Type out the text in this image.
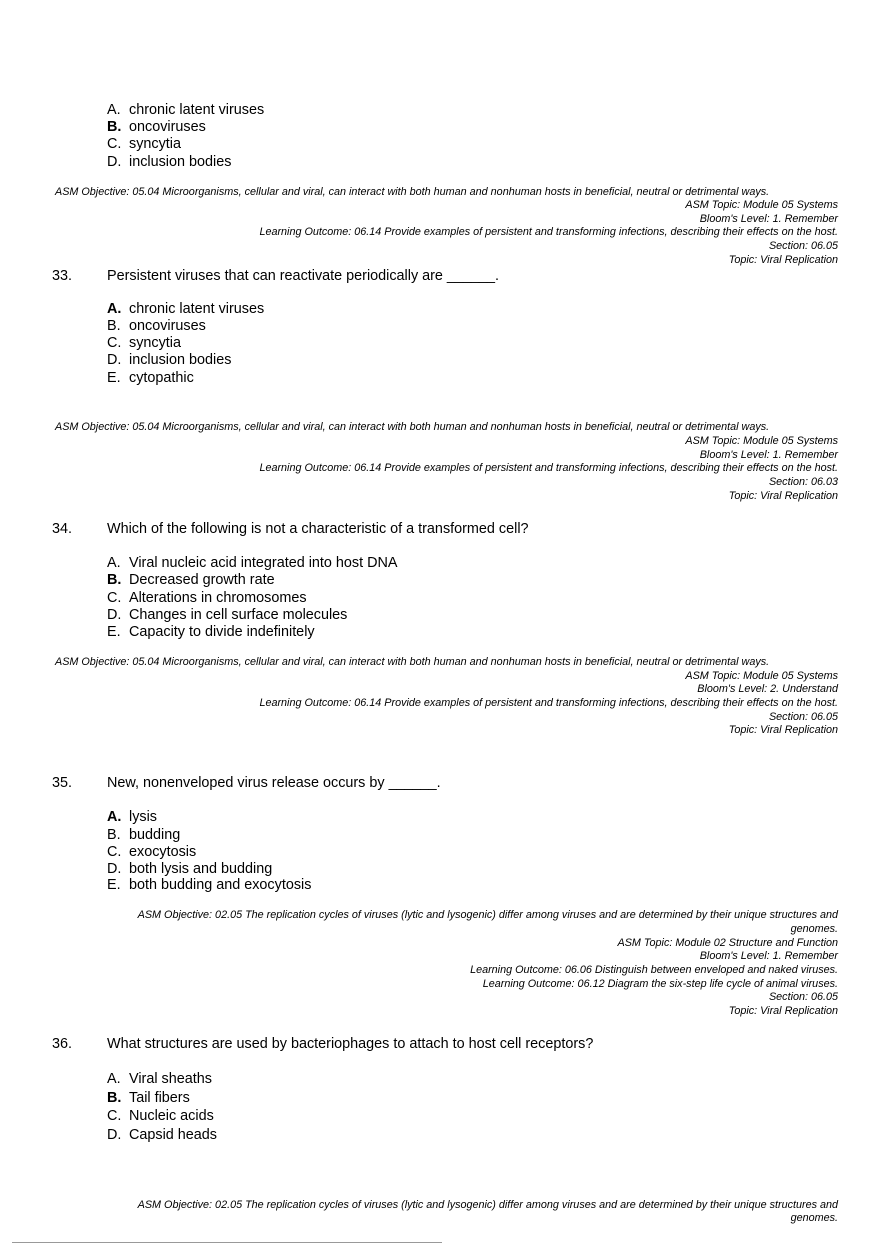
A. chronic latent viruses
B. oncoviruses
C. syncytia
D. inclusion bodies
ASM Objective: 05.04 Microorganisms, cellular and viral, can interact with both human and nonhuman hosts in beneficial, neutral or detrimental ways.
ASM Topic: Module 05 Systems
Bloom's Level: 1. Remember
Learning Outcome: 06.14 Provide examples of persistent and transforming infections, describing their effects on the host.
Section: 06.05
Topic: Viral Replication
33. Persistent viruses that can reactivate periodically are ______.
A. chronic latent viruses
B. oncoviruses
C. syncytia
D. inclusion bodies
E. cytopathic
ASM Objective: 05.04 Microorganisms, cellular and viral, can interact with both human and nonhuman hosts in beneficial, neutral or detrimental ways.
ASM Topic: Module 05 Systems
Bloom's Level: 1. Remember
Learning Outcome: 06.14 Provide examples of persistent and transforming infections, describing their effects on the host.
Section: 06.03
Topic: Viral Replication
34. Which of the following is not a characteristic of a transformed cell?
A. Viral nucleic acid integrated into host DNA
B. Decreased growth rate
C. Alterations in chromosomes
D. Changes in cell surface molecules
E. Capacity to divide indefinitely
ASM Objective: 05.04 Microorganisms, cellular and viral, can interact with both human and nonhuman hosts in beneficial, neutral or detrimental ways.
ASM Topic: Module 05 Systems
Bloom's Level: 2. Understand
Learning Outcome: 06.14 Provide examples of persistent and transforming infections, describing their effects on the host.
Section: 06.05
Topic: Viral Replication
35. New, nonenveloped virus release occurs by ______.
A. lysis
B. budding
C. exocytosis
D. both lysis and budding
E. both budding and exocytosis
ASM Objective: 02.05 The replication cycles of viruses (lytic and lysogenic) differ among viruses and are determined by their unique structures and
genomes.
ASM Topic: Module 02 Structure and Function
Bloom's Level: 1. Remember
Learning Outcome: 06.06 Distinguish between enveloped and naked viruses.
Learning Outcome: 06.12 Diagram the six-step life cycle of animal viruses.
Section: 06.05
Topic: Viral Replication
36. What structures are used by bacteriophages to attach to host cell receptors?
A. Viral sheaths
B. Tail fibers
C. Nucleic acids
D. Capsid heads
ASM Objective: 02.05 The replication cycles of viruses (lytic and lysogenic) differ among viruses and are determined by their unique structures and
genomes.
